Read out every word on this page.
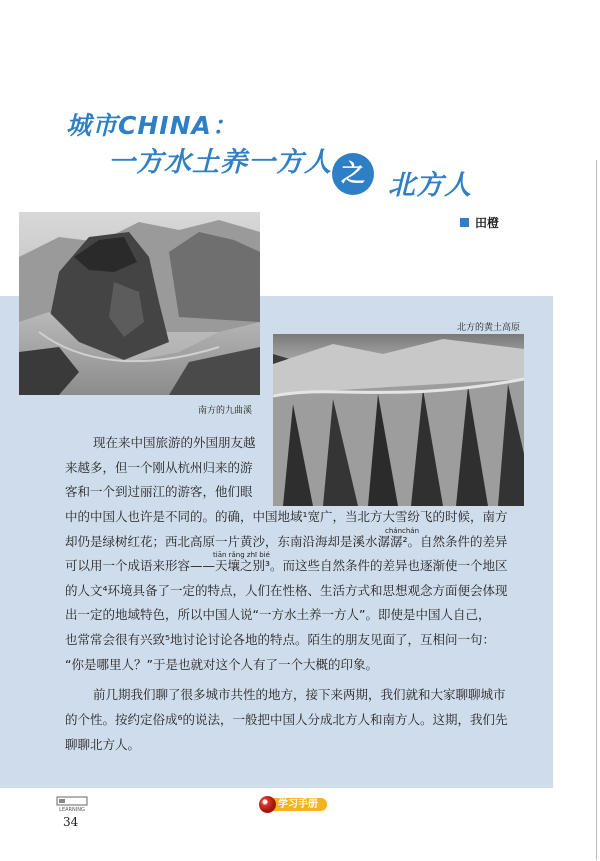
城市CHINA：
一方水土养一方人 之 北方人
田橙
南方的九曲溪
北方的黄土高原
现在来中国旅游的外国朋友越
来越多，但一个刚从杭州归来的游
客和一个到过丽江的游客，他们眼
中的中国人也许是不同的。的确，中国地域¹宽广，当北方大雪纷飞的时候，南方
chánchán
却仍是绿树红花；西北高原一片黄沙，东南沿海却是溪水潺潺²。自然条件的差异
tiān rǎng zhī bié
可以用一个成语来形容——天壤之别³。而这些自然条件的差异也逐渐使一个地区
的人文⁴环境具备了一定的特点，人们在性格、生活方式和思想观念方面便会体现
出一定的地域特色，所以中国人说“一方水土养一方人”。即使是中国人自己，
也常常会很有兴致⁵地讨论讨论各地的特点。陌生的朋友见面了，互相问一句：
“你是哪里人？”于是也就对这个人有了一个大概的印象。
前几期我们聊了很多城市共性的地方，接下来两期，我们就和大家聊聊城市
的个性。按约定俗成⁶的说法，一般把中国人分成北方人和南方人。这期，我们先
聊聊北方人。
LEARNING
34
学习手册
